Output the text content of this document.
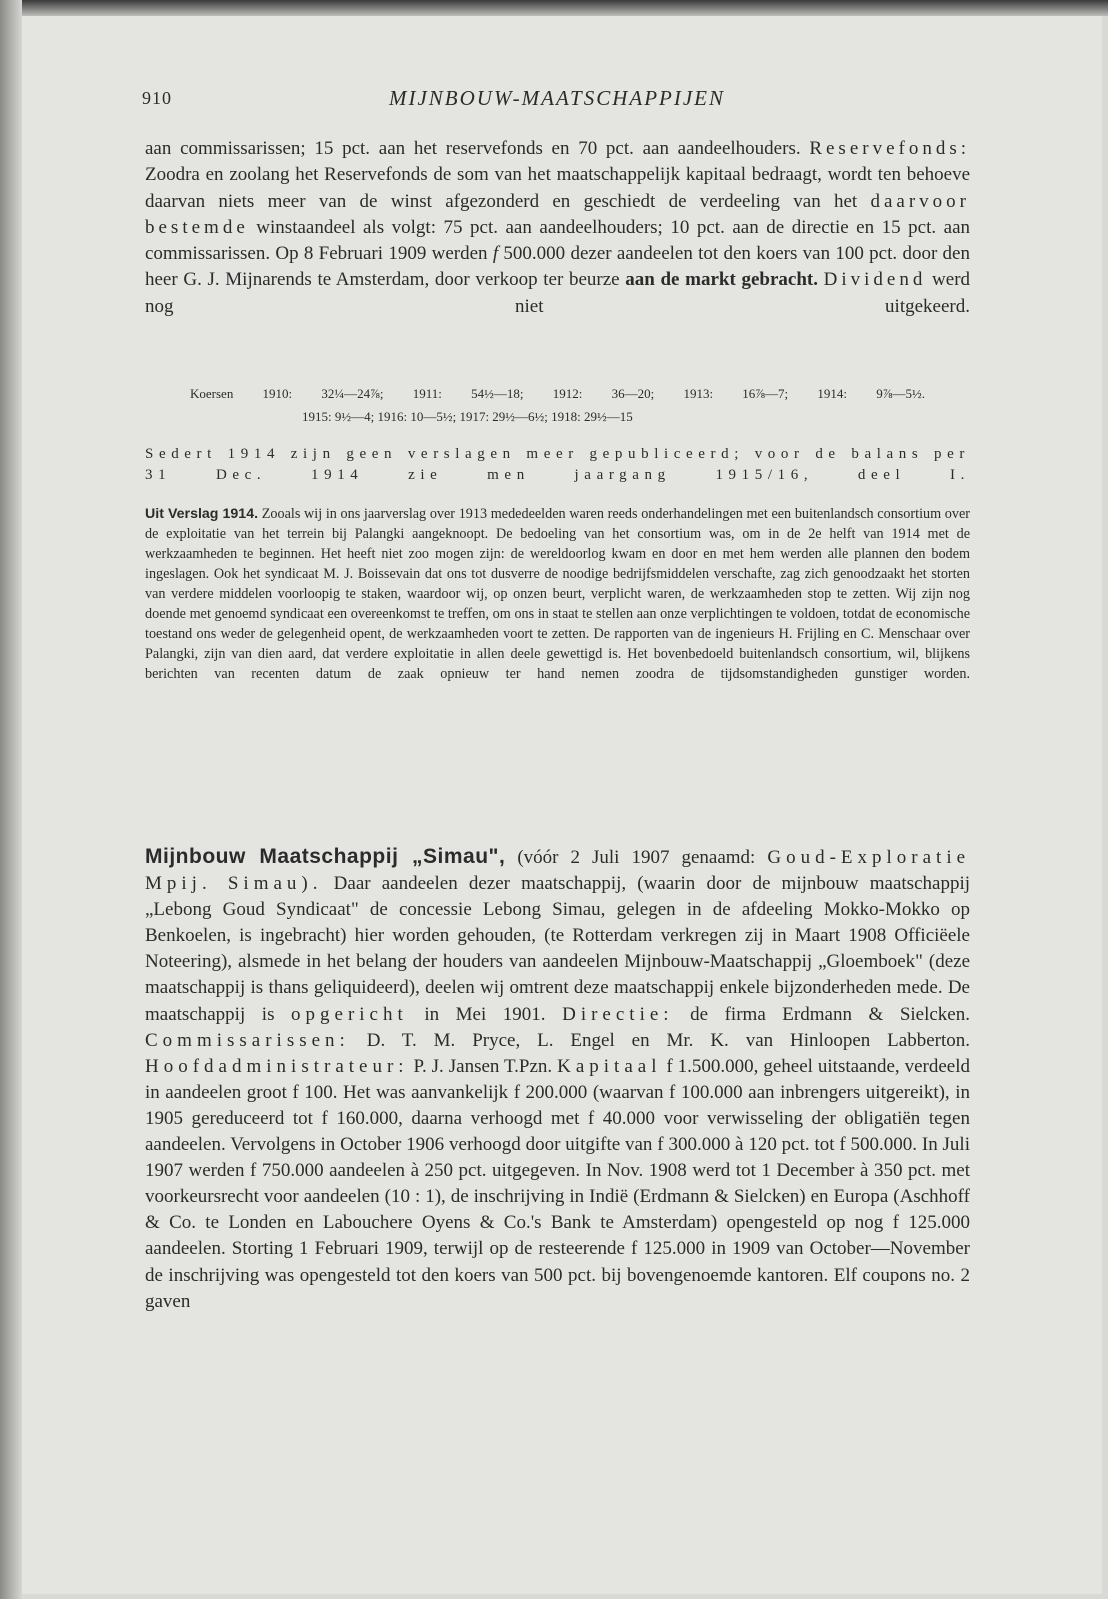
910	MIJNBOUW-MAATSCHAPPIJEN
aan commissarissen; 15 pct. aan het reservefonds en 70 pct. aan aandeelhouders. Reservefonds: Zoodra en zoolang het Reservefonds de som van het maatschappelijk kapitaal bedraagt, wordt ten behoeve daarvan niets meer van de winst afgezonderd en geschiedt de verdeeling van het daarvoor bestemde winstaandeel als volgt: 75 pct. aan aandeelhouders; 10 pct. aan de directie en 15 pct. aan commissarissen. Op 8 Februari 1909 werden f 500.000 dezer aandeelen tot den koers van 100 pct. door den heer G. J. Mijnarends te Amsterdam, door verkoop ter beurze aan de markt gebracht. Dividend werd nog niet uitgekeerd.
Koersen 1910: 32¼—24⅞; 1911: 54½—18; 1912: 36—20; 1913: 16⅞—7; 1914: 9⅞—5½.
1915: 9½—4; 1916: 10—5½; 1917: 29½—6½; 1918: 29½—15
Sedert 1914 zijn geen verslagen meer gepubliceerd; voor de balans per 31 Dec. 1914 zie men jaargang 1915/16, deel I.
Uit Verslag 1914. Zooals wij in ons jaarverslag over 1913 mededeelden waren reeds onderhandelingen met een buitenlandsch consortium over de exploitatie van het terrein bij Palangki aangeknoopt. De bedoeling van het consortium was, om in de 2e helft van 1914 met de werkzaamheden te beginnen. Het heeft niet zoo mogen zijn: de wereldoorlog kwam en door en met hem werden alle plannen den bodem ingeslagen. Ook het syndicaat M. J. Boissevain dat ons tot dusverre de noodige bedrijfsmiddelen verschafte, zag zich genoodzaakt het storten van verdere middelen voorloopig te staken, waardoor wij, op onzen beurt, verplicht waren, de werkzaamheden stop te zetten. Wij zijn nog doende met genoemd syndicaat een overeenkomst te treffen, om ons in staat te stellen aan onze verplichtingen te voldoen, totdat de economische toestand ons weder de gelegenheid opent, de werkzaamheden voort te zetten. De rapporten van de ingenieurs H. Frijling en C. Menschaar over Palangki, zijn van dien aard, dat verdere exploitatie in allen deele gewettigd is. Het bovenbedoeld buitenlandsch consortium, wil, blijkens berichten van recenten datum de zaak opnieuw ter hand nemen zoodra de tijdsomstandigheden gunstiger worden.
Mijnbouw Maatschappij „Simau", (vóór 2 Juli 1907 genaamd: Goud-Exploratie Mpij. Simau). Daar aandeelen dezer maatschappij, (waarin door de mijnbouw maatschappij „Lebong Goud Syndicaat" de concessie Lebong Simau, gelegen in de afdeeling Mokko-Mokko op Benkoelen, is ingebracht) hier worden gehouden, (te Rotterdam verkregen zij in Maart 1908 Officiëele Noteering), alsmede in het belang der houders van aandeelen Mijnbouw-Maatschappij „Gloemboek" (deze maatschappij is thans geliquideerd), deelen wij omtrent deze maatschappij enkele bijzonderheden mede. De maatschappij is opgericht in Mei 1901. Directie: de firma Erdmann & Sielcken. Commissarissen: D. T. M. Pryce, L. Engel en Mr. K. van Hinloopen Labberton. Hoofdadministrateur: P. J. Jansen T.Pzn. Kapitaal f 1.500.000, geheel uitstaande, verdeeld in aandeelen groot f 100. Het was aanvankelijk f 200.000 (waarvan f 100.000 aan inbrengers uitgereikt), in 1905 gereduceerd tot f 160.000, daarna verhoogd met f 40.000 voor verwisseling der obligatiën tegen aandeelen. Vervolgens in October 1906 verhoogd door uitgifte van f 300.000 à 120 pct. tot f 500.000. In Juli 1907 werden f 750.000 aandeelen à 250 pct. uitgegeven. In Nov. 1908 werd tot 1 December à 350 pct. met voorkeursrecht voor aandeelen (10 : 1), de inschrijving in Indië (Erdmann & Sielcken) en Europa (Aschhoff & Co. te Londen en Labouchere Oyens & Co.'s Bank te Amsterdam) opengesteld op nog f 125.000 aandeelen. Storting 1 Februari 1909, terwijl op de resteerende f 125.000 in 1909 van October—November de inschrijving was opengesteld tot den koers van 500 pct. bij bovengenoemde kantoren. Elf coupons no. 2 gaven
